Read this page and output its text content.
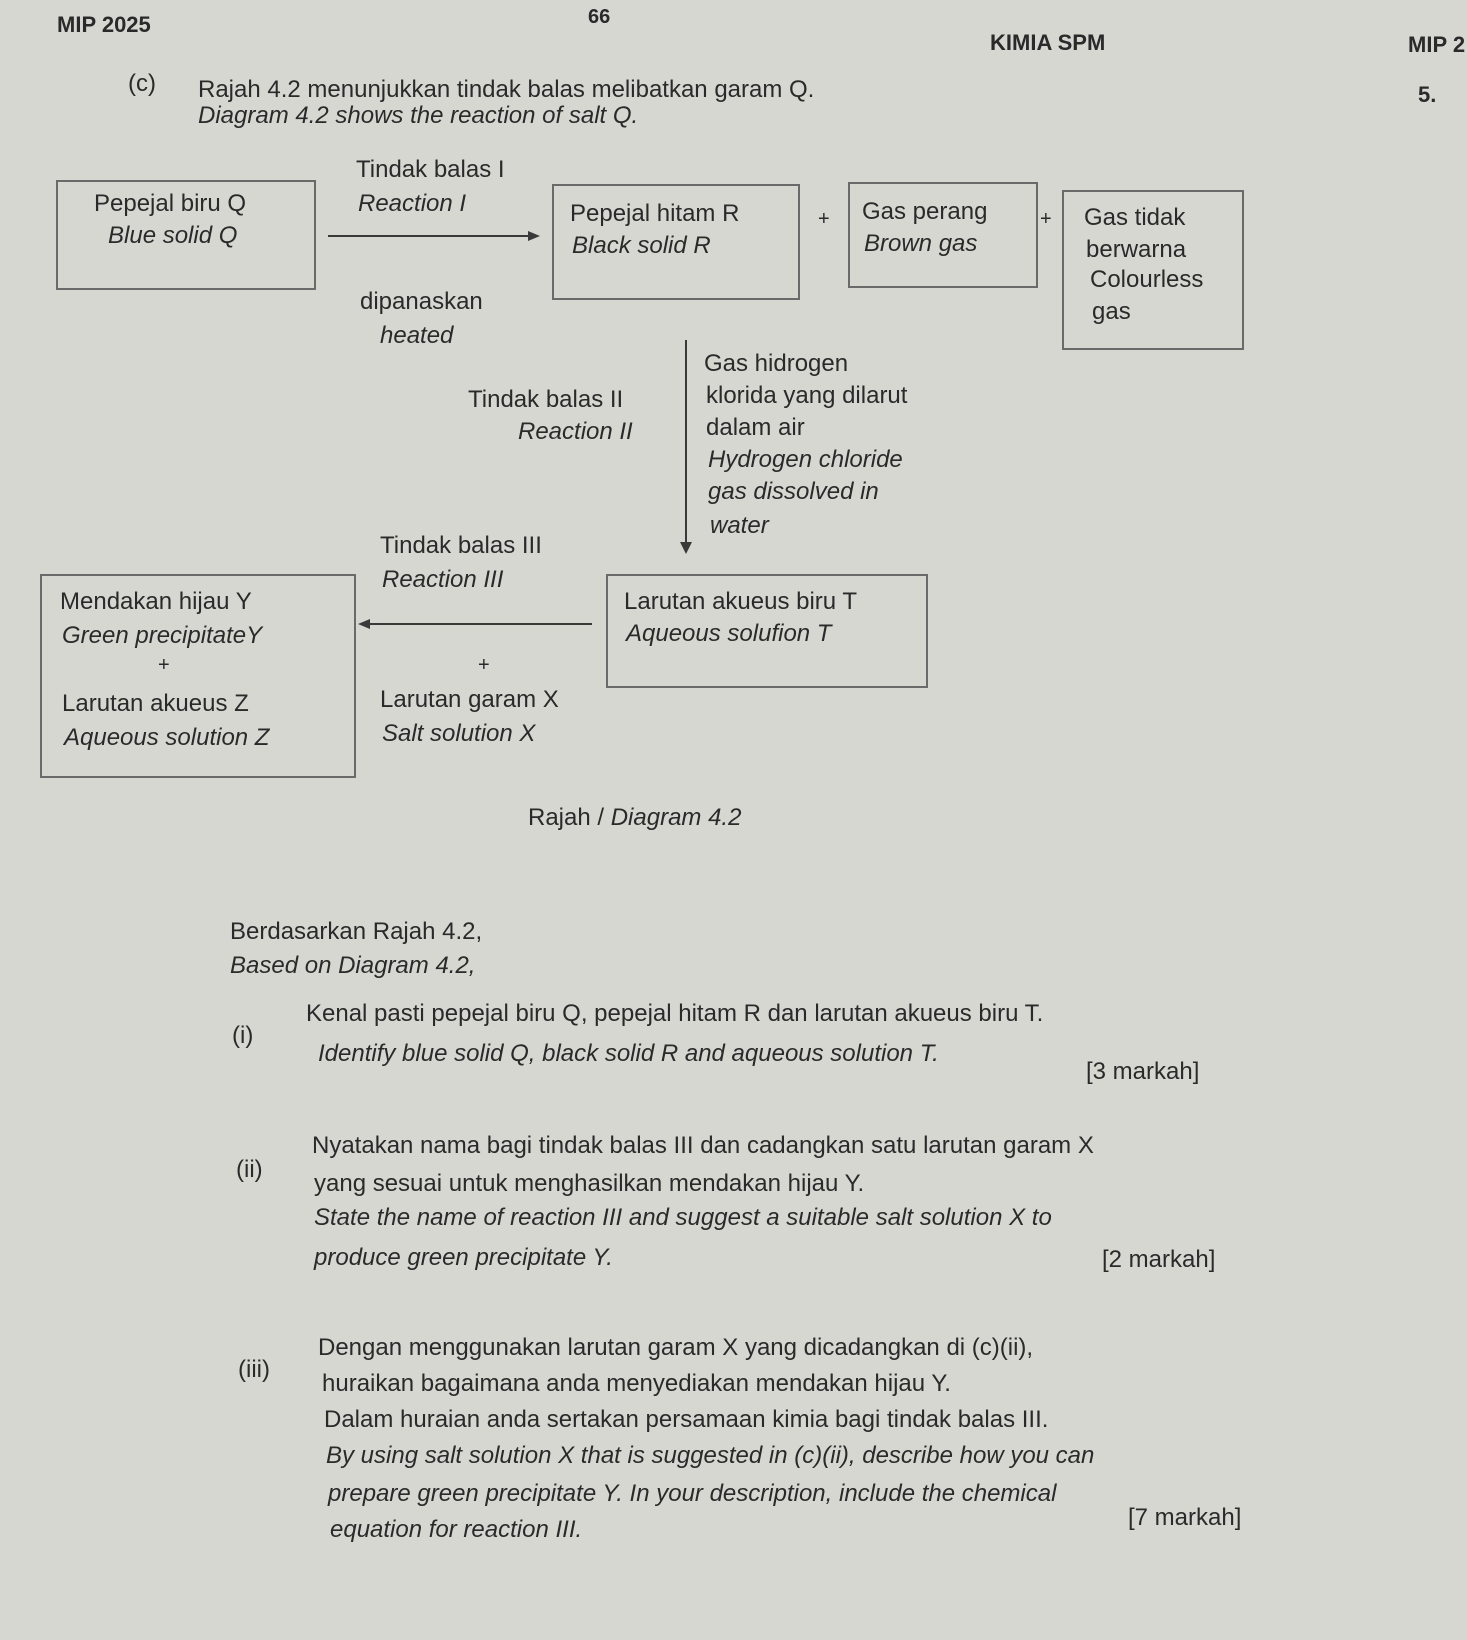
MIP 2025	66
KIMIA SPM	MIP 2
5.
(c) Rajah 4.2 menunjukkan tindak balas melibatkan garam Q.
Diagram 4.2 shows the reaction of salt Q.
Pepejal biru Q
Blue solid Q
Tindak balas I
Reaction I
dipanaskan
heated
Pepejal hitam R
Black solid R
+ Gas perang
Brown gas
+ Gas tidak
berwarna
Colourless
gas
Tindak balas II
Reaction II
Gas hidrogen
klorida yang dilarut
dalam air
Hydrogen chloride
gas dissolved in
water
Larutan akueus biru T
Aqueous solufion T
Tindak balas III
Reaction III
+
Larutan garam X
Salt solution X
Mendakan hijau Y
Green precipitateY
+
Larutan akueus Z
Aqueous solution Z
Rajah / Diagram 4.2
Berdasarkan Rajah 4.2,
Based on Diagram 4.2,
(i)
Kenal pasti pepejal biru Q, pepejal hitam R dan larutan akueus biru T.
Identify blue solid Q, black solid R and aqueous solution T.
[3 markah]
(ii)
Nyatakan nama bagi tindak balas III dan cadangkan satu larutan garam X
yang sesuai untuk menghasilkan mendakan hijau Y.
State the name of reaction III and suggest a suitable salt solution X to
produce green precipitate Y.	[2 markah]
(iii)
Dengan menggunakan larutan garam X yang dicadangkan di (c)(ii),
huraikan bagaimana anda menyediakan mendakan hijau Y.
Dalam huraian anda sertakan persamaan kimia bagi tindak balas III.
By using salt solution X that is suggested in (c)(ii), describe how you can
prepare green precipitate Y. In your description, include the chemical
equation for reaction III.	[7 markah]
